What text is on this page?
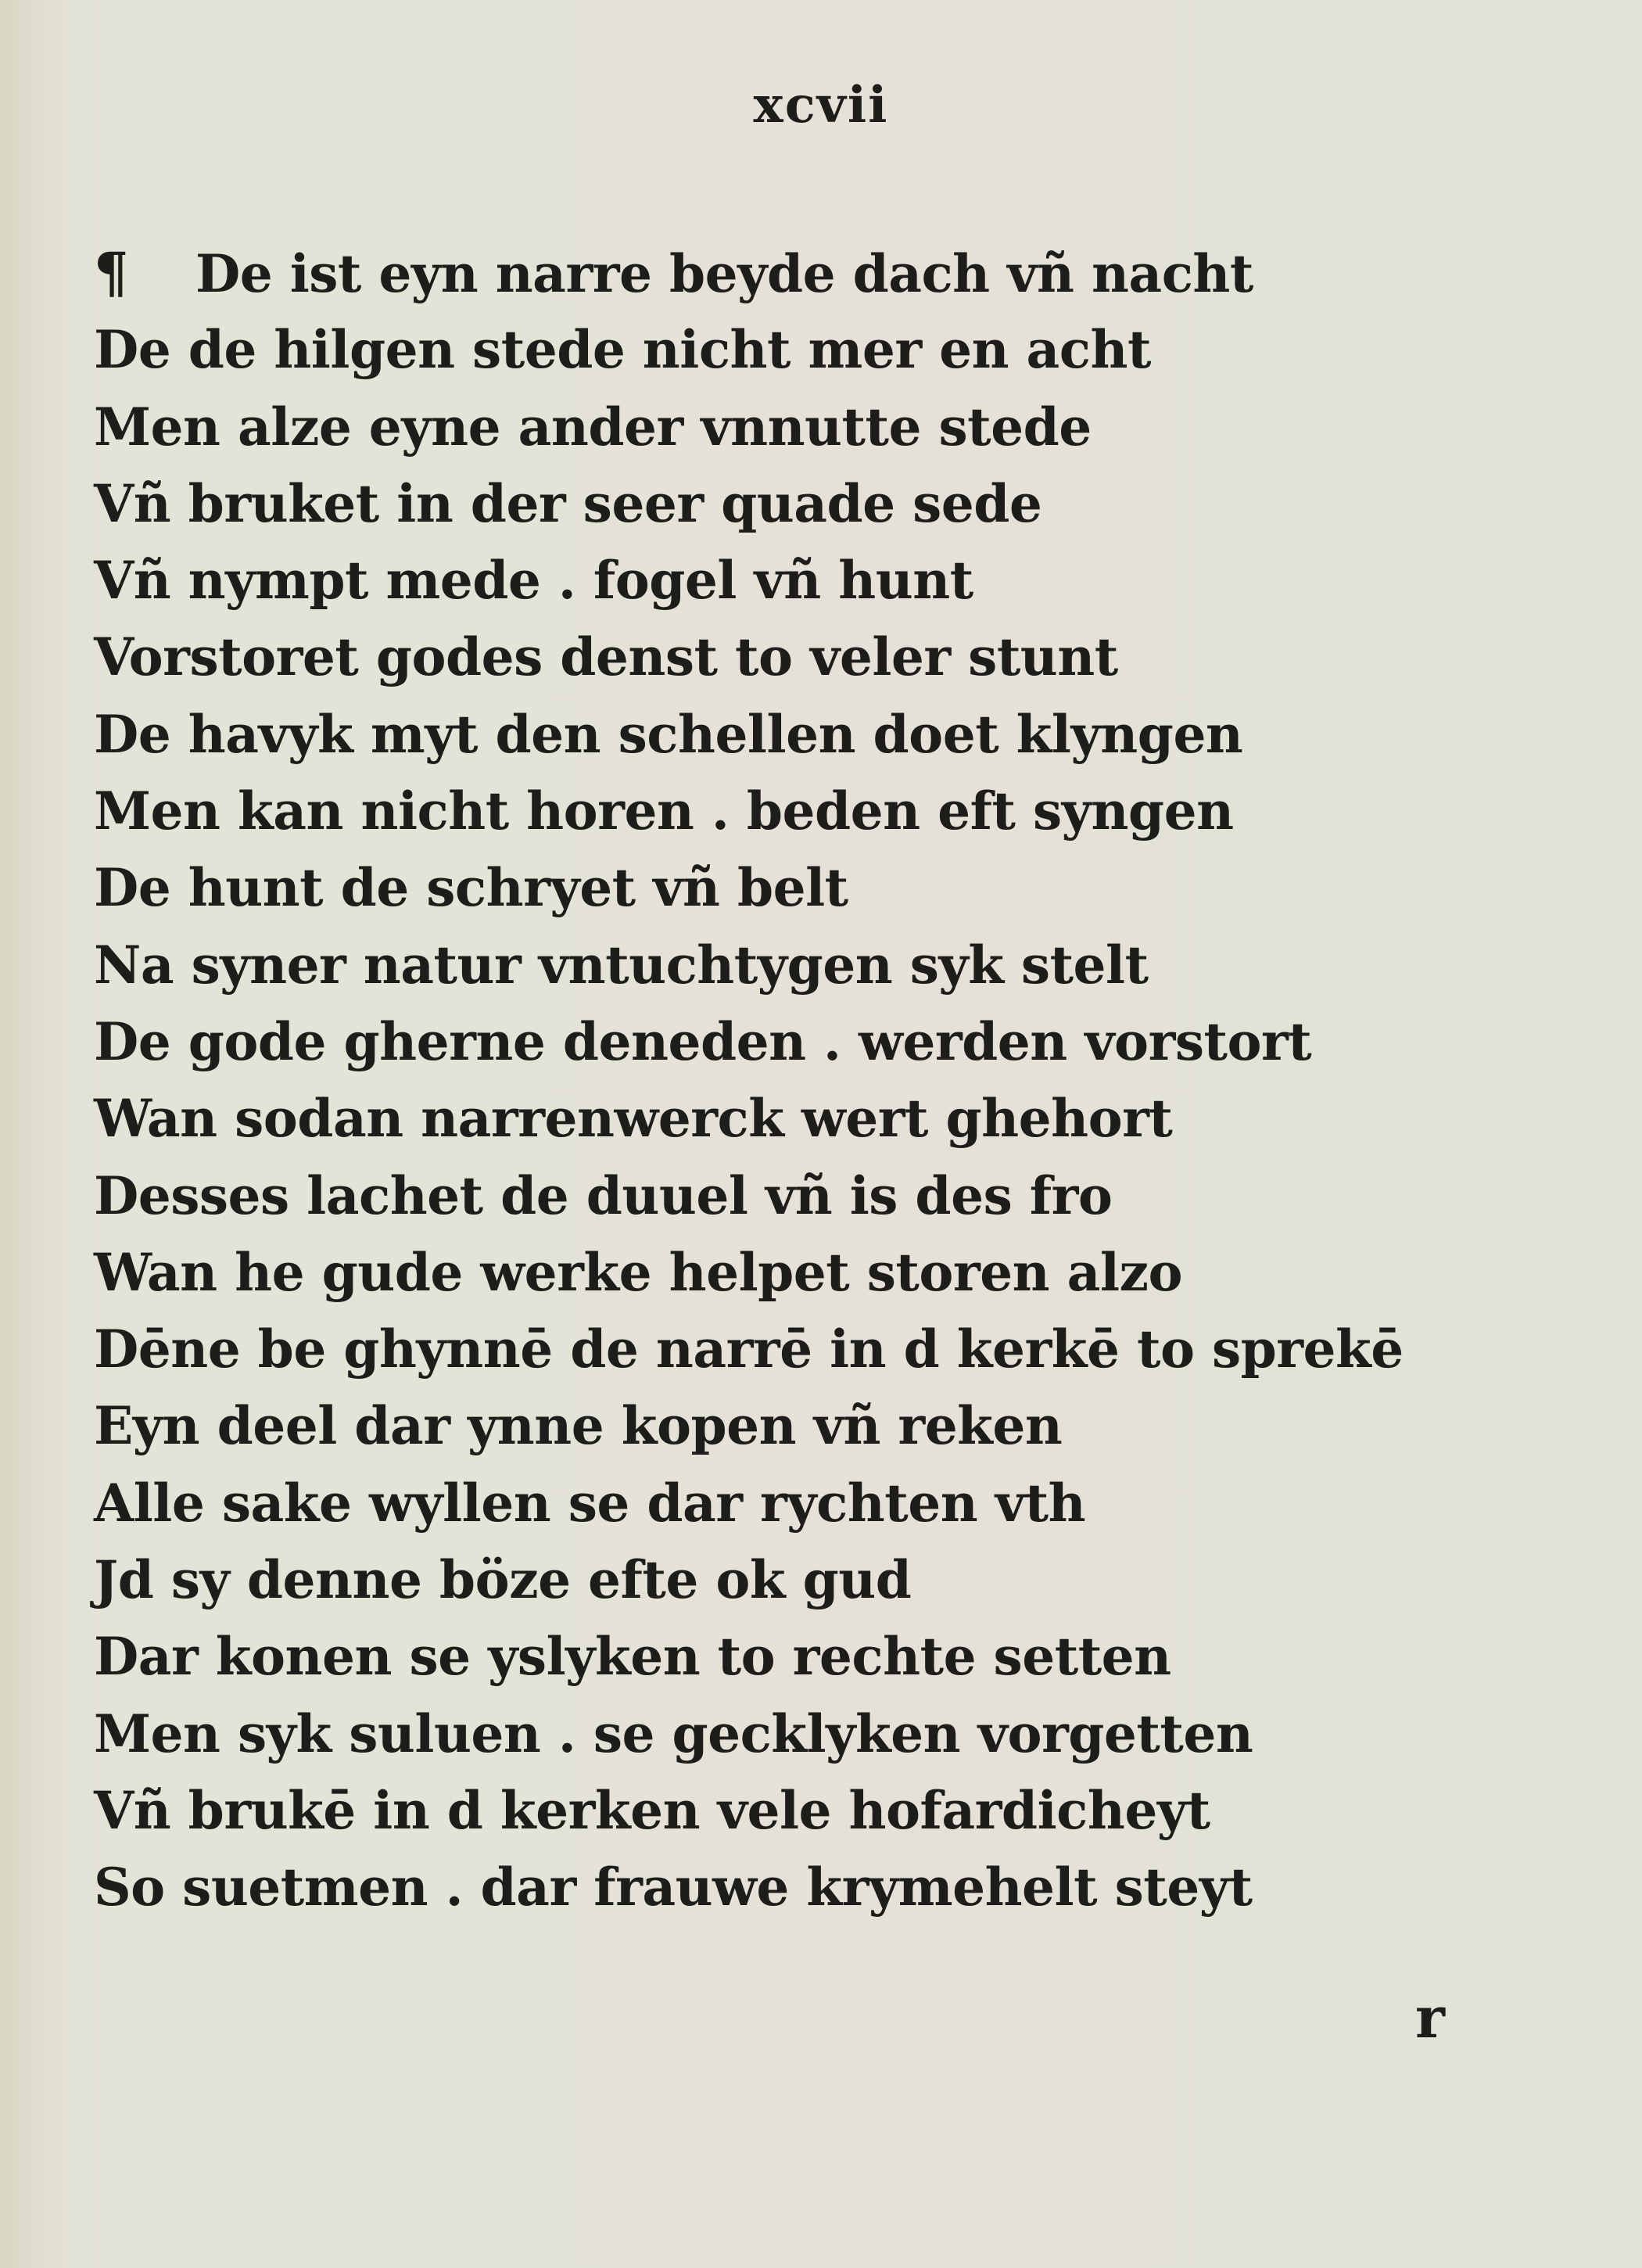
xcvii
¶ De ist eyn narre beyde dach vñ nacht
De de hilgen stede nicht mer en acht
Men alze eyne ander vnnutte stede
Vñ bruket in der seer quade sede
Vñ nympt mede . fogel vñ hunt
Vorstoret godes denst to veler stunt
De havyk myt den schellen doet klyngen
Men kan nicht horen . beden eft syngen
De hunt de schryet vñ belt
Na syner natur vntuchtygen syk stelt
De gode gherne deneden . werden vorstort
Wan sodan narrenwerck wert ghehort
Desses lachet de duuel vñ is des fro
Wan he gude werke helpet storen alzo
Dēne be ghynnē de narrē in d kerkē to sprekē
Eyn deel dar ynne kopen vñ reken
Alle sake wyllen se dar rychten vth
Jd sy denne böze efte ok gud
Dar konen se yslyken to rechte setten
Men syk suluen . se gecklyken vorgetten
Vñ brukē in d kerken vele hofardicheyt
So suetmen . dar frauwe krymehelt steyt
r
